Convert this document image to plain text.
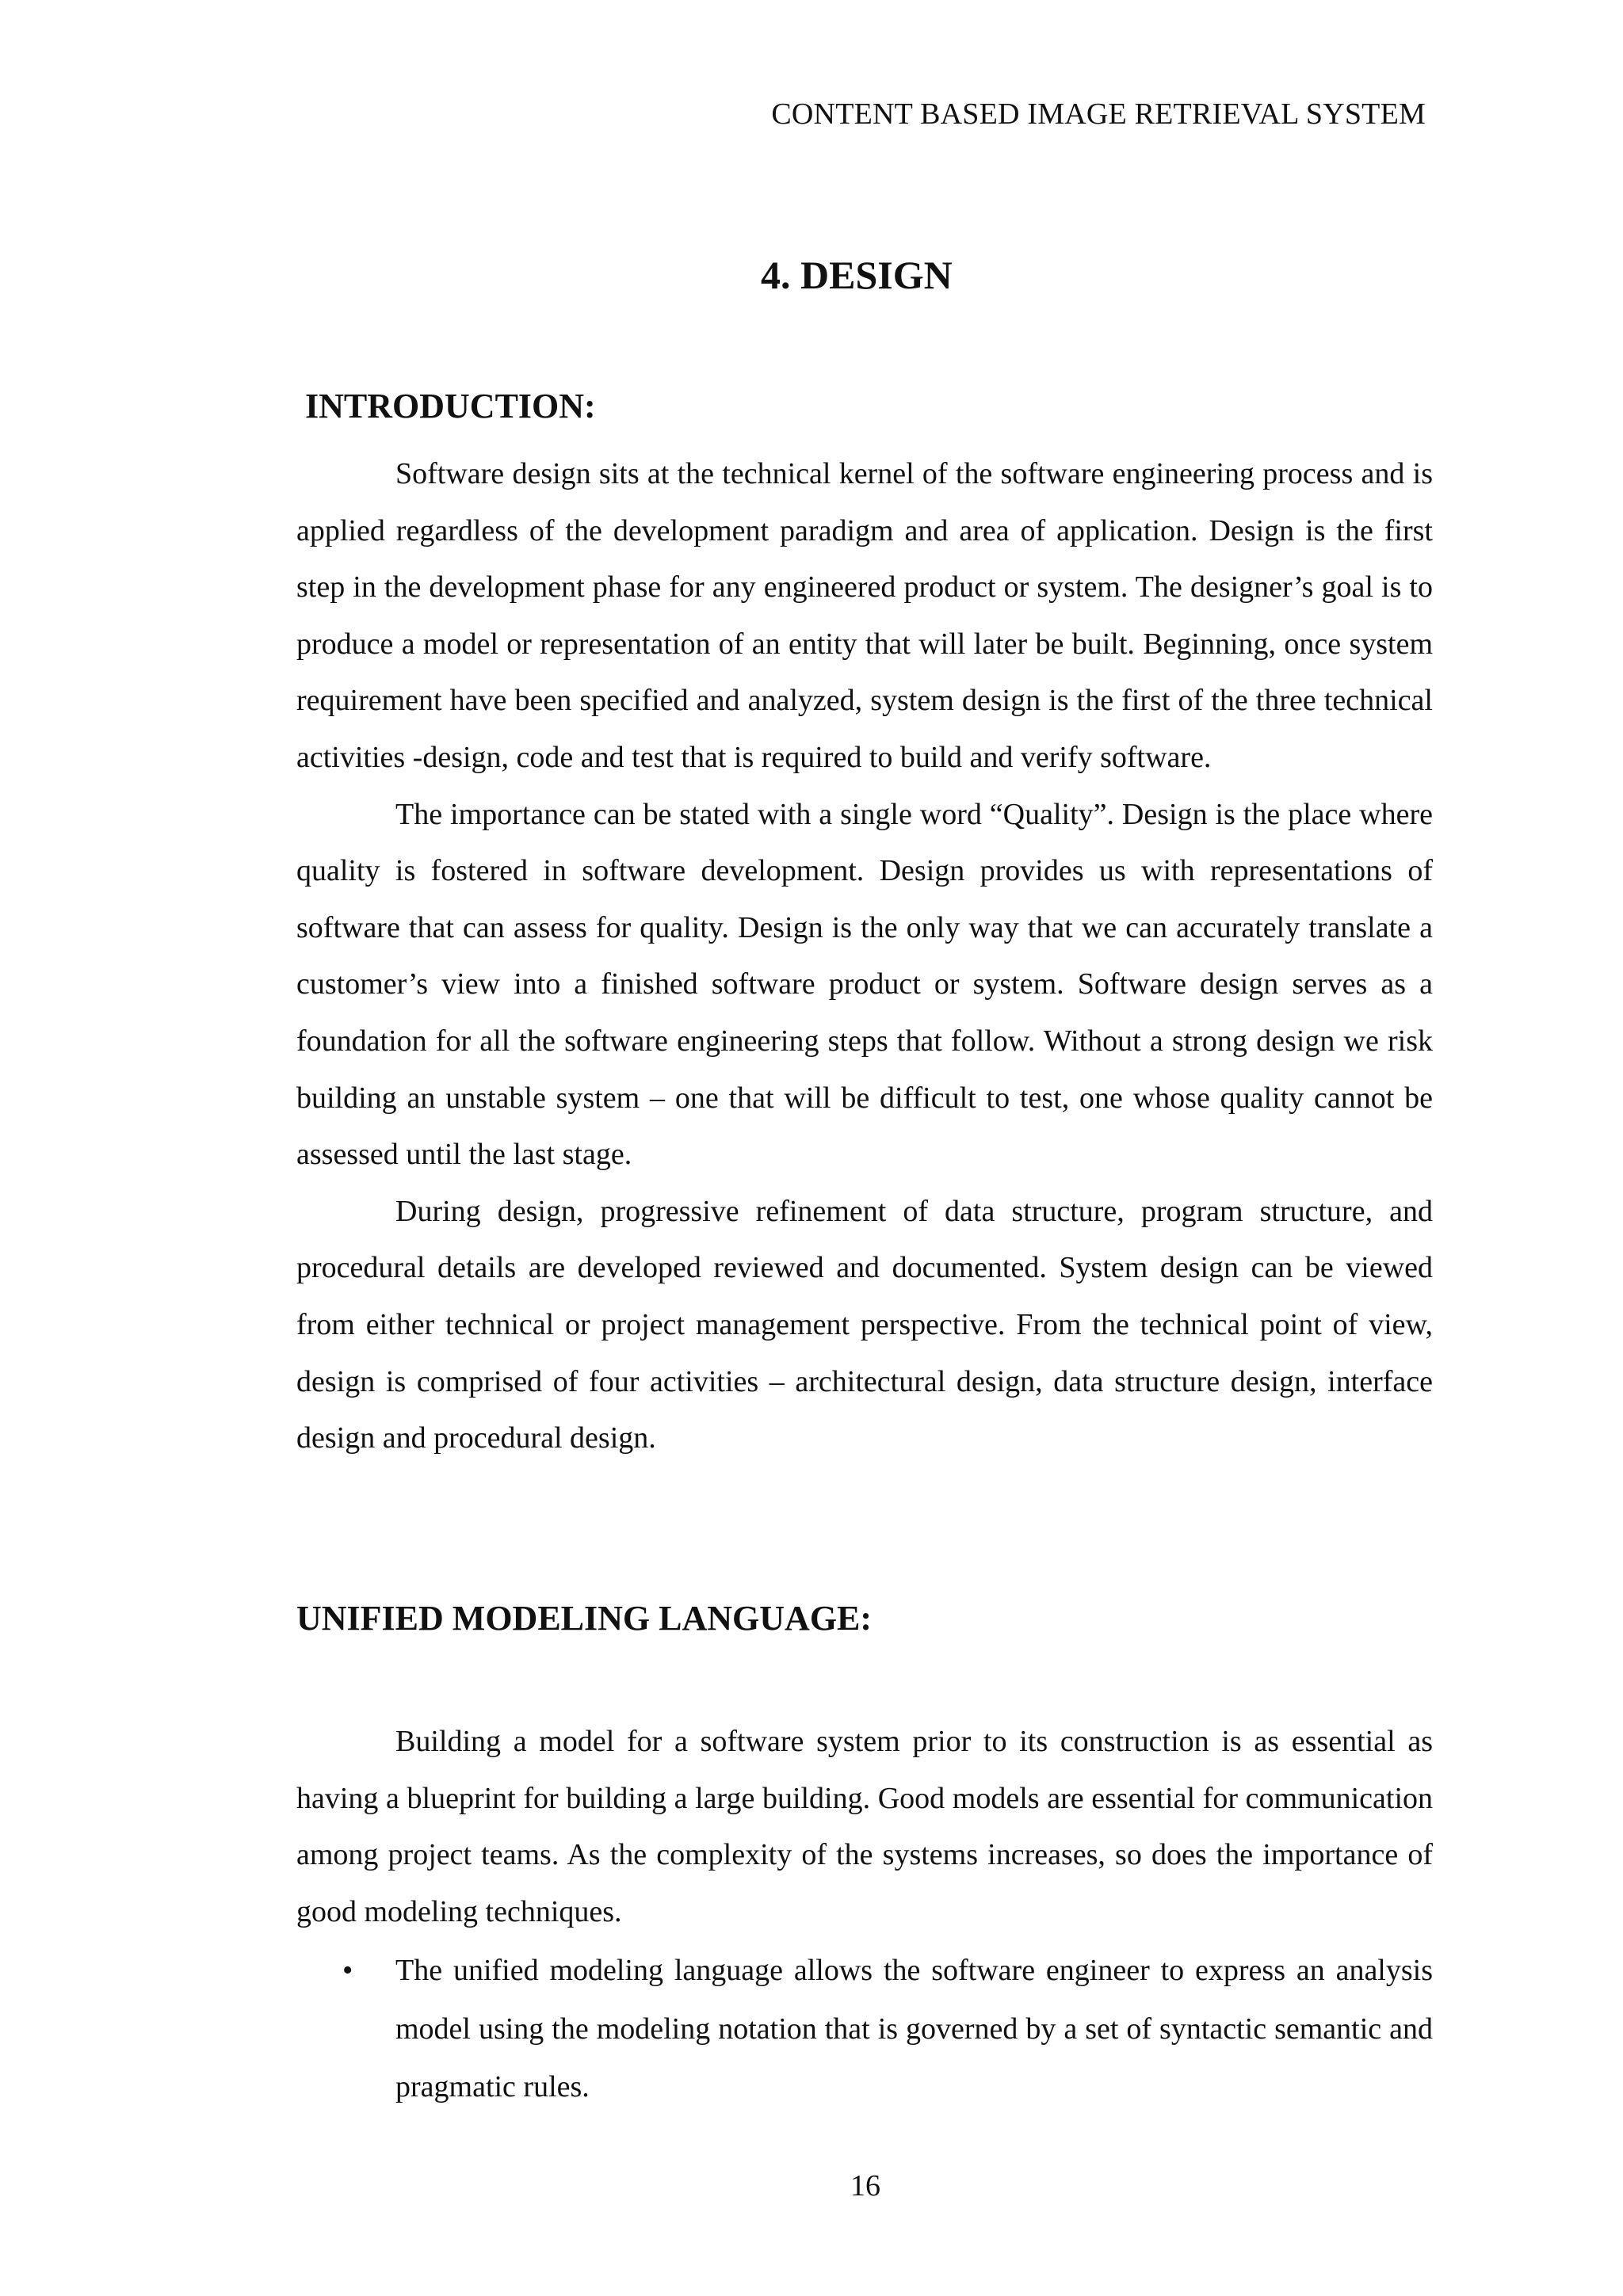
CONTENT BASED IMAGE RETRIEVAL SYSTEM
4. DESIGN
INTRODUCTION:

Software design sits at the technical kernel of the software engineering process and is applied regardless of the development paradigm and area of application. Design is the first step in the development phase for any engineered product or system. The designer’s goal is to produce a model or representation of an entity that will later be built. Beginning, once system requirement have been specified and analyzed, system design is the first of the three technical activities -design, code and test that is required to build and verify software.

The importance can be stated with a single word “Quality”. Design is the place where quality is fostered in software development. Design provides us with representations of software that can assess for quality. Design is the only way that we can accurately translate a customer’s view into a finished software product or system. Software design serves as a foundation for all the software engineering steps that follow. Without a strong design we risk building an unstable system – one that will be difficult to test, one whose quality cannot be assessed until the last stage.

During design, progressive refinement of data structure, program structure, and procedural details are developed reviewed and documented. System design can be viewed from either technical or project management perspective. From the technical point of view, design is comprised of four activities – architectural design, data structure design, interface design and procedural design.

UNIFIED MODELING LANGUAGE:

Building a model for a software system prior to its construction is as essential as having a blueprint for building a large building. Good models are essential for communication among project teams. As the complexity of the systems increases, so does the importance of good modeling techniques.

• The unified modeling language allows the software engineer to express an analysis model using the modeling notation that is governed by a set of syntactic semantic and pragmatic rules.
16
